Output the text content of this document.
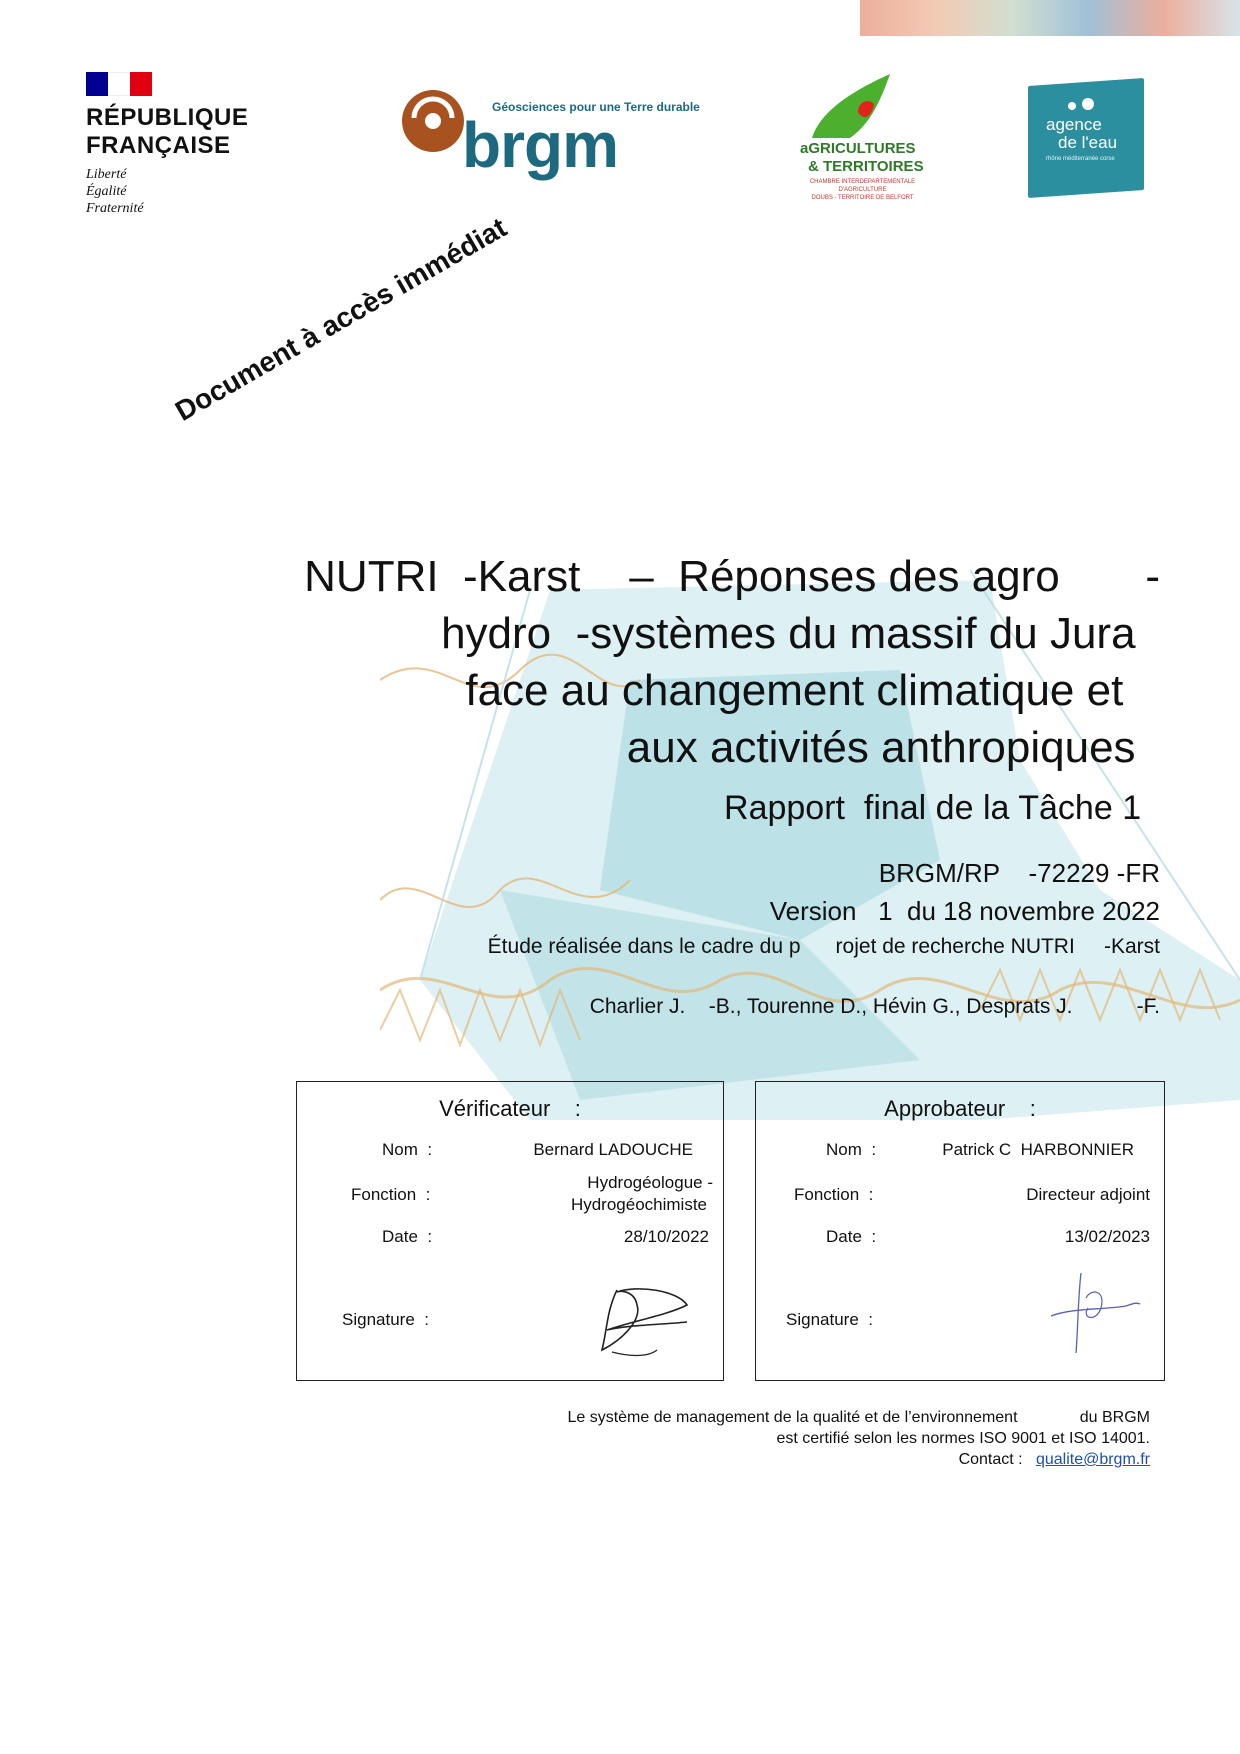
RÉPUBLIQUE
FRANÇAISE
Liberté
Égalité
Fraternité
Géosciences pour une Terre durable
brgm	aGRICULTURES
& TERRITOIRES
CHAMBRE INTERDEPARTEMENTALE
D'AGRICULTURE
DOUBS - TERRITOIRE DE BELFORT
agence
de l'eau
rhône méditerranée corse
Document à accès immédiat
NUTRI  -Karst    –  Réponses des agro       -
hydro  -systèmes du massif du Jura
face au changement climatique et
aux activités anthropiques
Rapport  final de la Tâche 1
BRGM/RP    -72229 -FR
Version   1  du 18 novembre 2022
Étude réalisée dans le cadre du p      rojet de recherche NUTRI     -Karst
Charlier J.    -B., Tourenne D., Hévin G., Desprats J.           -F.
Vérificateur    :
Nom  :	Bernard LADOUCHE
Fonction  :
Hydrogéologue -
Hydrogéochimiste
Date  :	28/10/2022
Signature  :
Approbateur    :
Nom  :	Patrick C  HARBONNIER
Fonction  :	Directeur adjoint
Date  :	13/02/2023
Signature  :
Le système de management de la qualité et de l’environnement              du BRGM
est certifié selon les normes ISO 9001 et ISO 14001.
Contact :   qualite@brgm.fr
